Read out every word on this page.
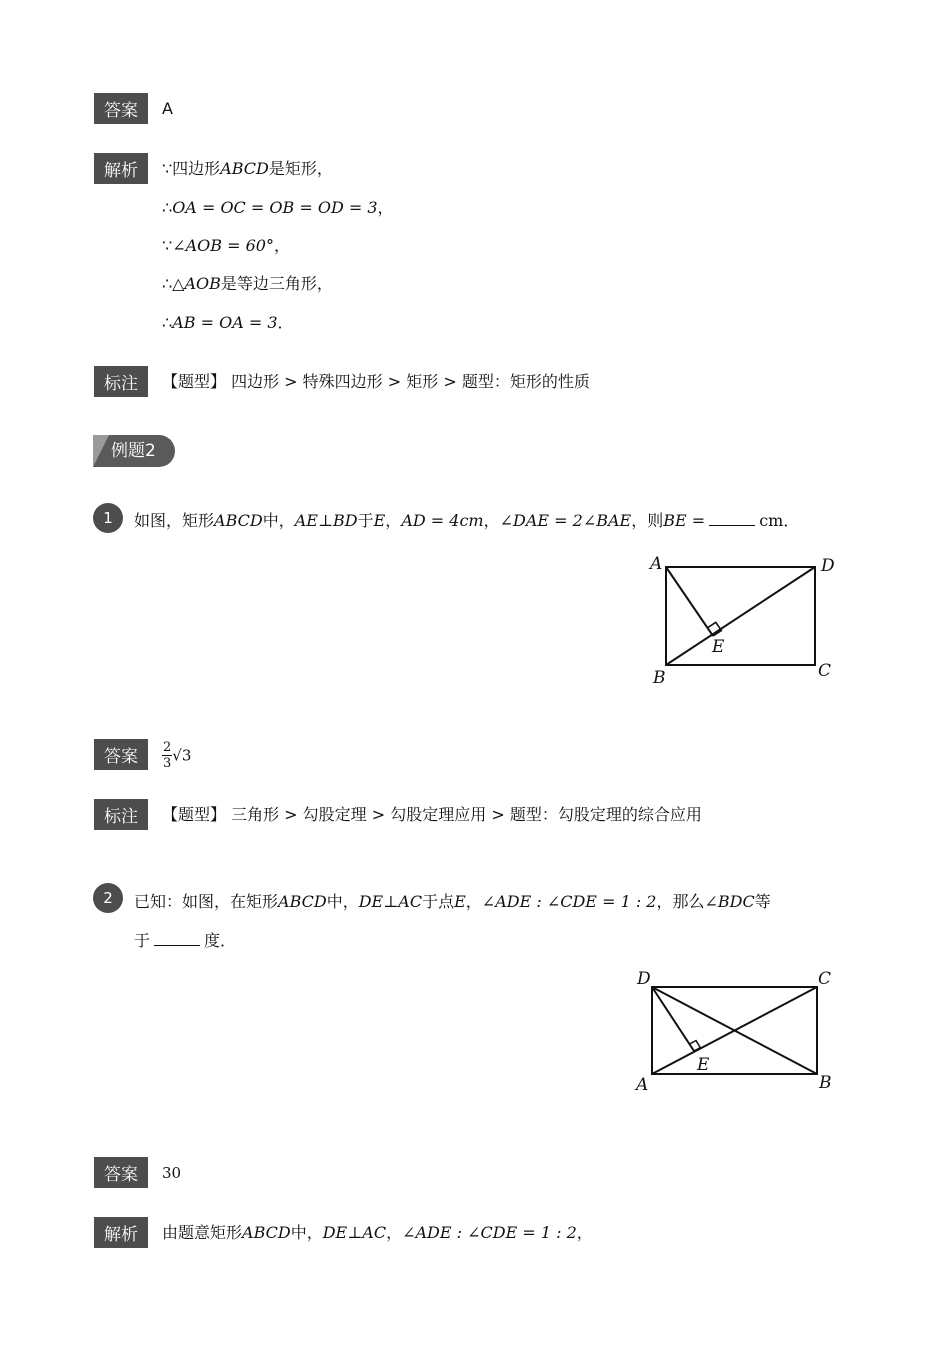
答案	A
解析	∵四边形ABCD是矩形，
∴OA = OC = OB = OD = 3，
∵∠AOB = 60°，
∴△AOB是等边三角形，
∴AB = OA = 3．
标注	【题型】 四边形 > 特殊四边形 > 矩形 > 题型：矩形的性质
例题2
1	如图，矩形ABCD中，AE⊥BD于E，AD = 4cm，∠DAE = 2∠BAE，则BE =	cm．
A
B	C
D
E
答案	$\frac{2}{3} √3$
标注	【题型】 三角形 > 勾股定理 > 勾股定理应用 > 题型：勾股定理的综合应用
2	已知：如图，在矩形ABCD中，DE⊥AC于点E，∠ADE : ∠CDE = 1 : 2，那么∠BDC等
于	度．
D	C
A	B
E
答案	30
解析	由题意矩形ABCD中，DE⊥AC，∠ADE : ∠CDE = 1 : 2，
